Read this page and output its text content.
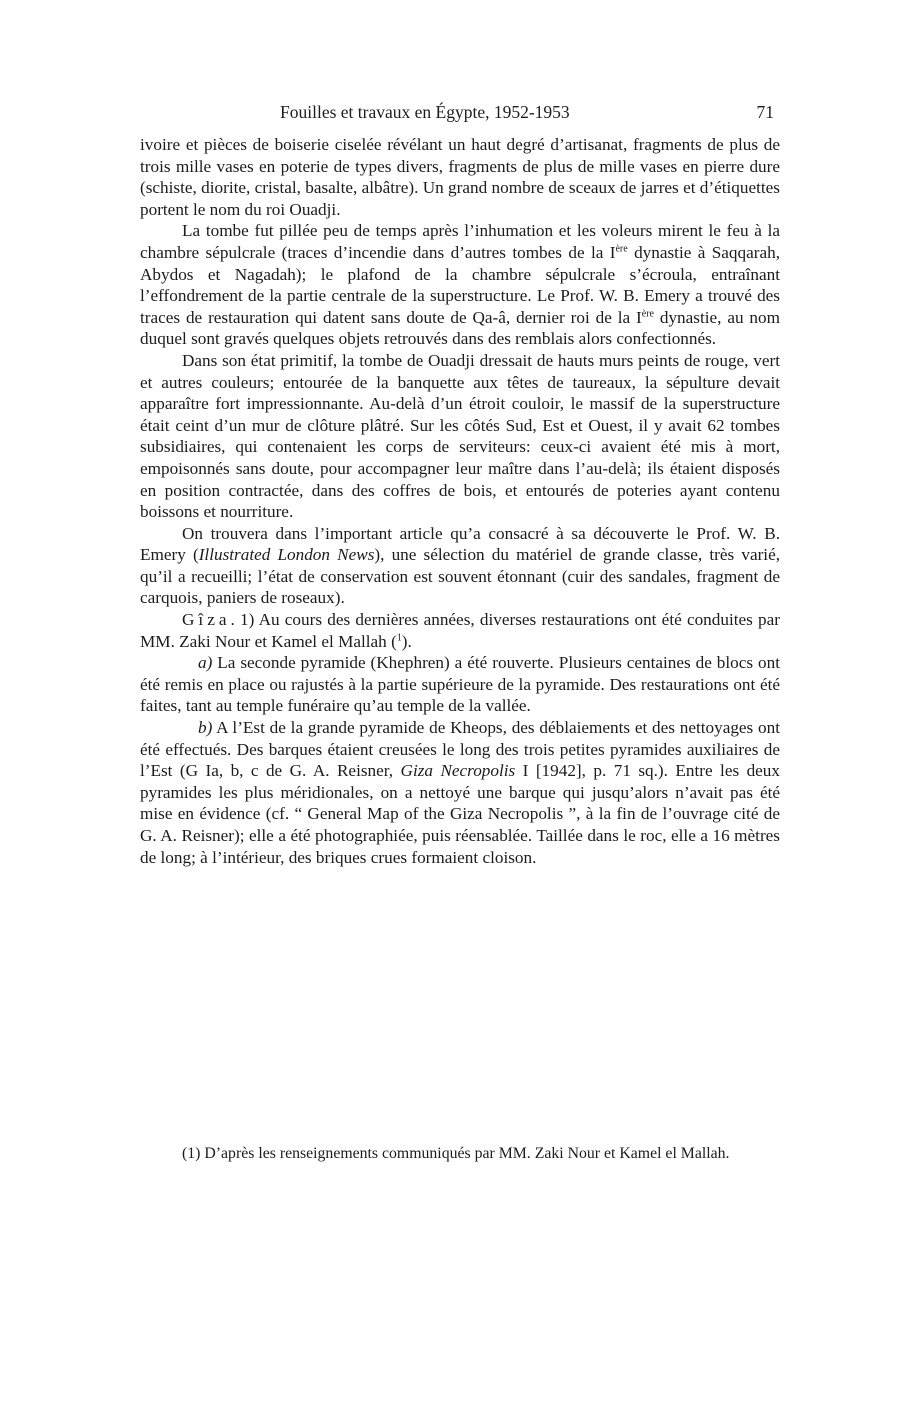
Fouilles et travaux en Égypte, 1952-1953	71

ivoire et pièces de boiserie ciselée révélant un haut degré d’artisanat, fragments de plus de trois mille vases en poterie de types divers, fragments de plus de mille vases en pierre dure (schiste, diorite, cristal, basalte, albâtre). Un grand nombre de sceaux de jarres et d’étiquettes portent le nom du roi Ouadji.

La tombe fut pillée peu de temps après l’inhumation et les voleurs mirent le feu à la chambre sépulcrale (traces d’incendie dans d’autres tombes de la Ière dynastie à Saqqarah, Abydos et Nagadah); le plafond de la chambre sépulcrale s’écroula, entraînant l’effondrement de la partie centrale de la superstructure. Le Prof. W. B. Emery a trouvé des traces de restauration qui datent sans doute de Qa-â, dernier roi de la Ière dynastie, au nom duquel sont gravés quelques objets retrouvés dans des remblais alors confectionnés.

Dans son état primitif, la tombe de Ouadji dressait de hauts murs peints de rouge, vert et autres couleurs; entourée de la banquette aux têtes de taureaux, la sépulture devait apparaître fort impressionnante. Au-delà d’un étroit couloir, le massif de la superstructure était ceint d’un mur de clôture plâtré. Sur les côtés Sud, Est et Ouest, il y avait 62 tombes subsidiaires, qui contenaient les corps de serviteurs: ceux-ci avaient été mis à mort, empoisonnés sans doute, pour accompagner leur maître dans l’au-delà; ils étaient disposés en position contractée, dans des coffres de bois, et entourés de poteries ayant contenu boissons et nourriture.

On trouvera dans l’important article qu’a consacré à sa découverte le Prof. W. B. Emery (Illustrated London News), une sélection du matériel de grande classe, très varié, qu’il a recueilli; l’état de conservation est souvent étonnant (cuir des sandales, fragment de carquois, paniers de roseaux).

Gîza. 1) Au cours des dernières années, diverses restaurations ont été conduites par MM. Zaki Nour et Kamel el Mallah ($^1$).

a) La seconde pyramide (Khephren) a été rouverte. Plusieurs centaines de blocs ont été remis en place ou rajustés à la partie supérieure de la pyramide. Des restaurations ont été faites, tant au temple funéraire qu’au temple de la vallée.

b) A l’Est de la grande pyramide de Kheops, des déblaiements et des nettoyages ont été effectués. Des barques étaient creusées le long des trois petites pyramides auxiliaires de l’Est (G Ia, b, c de G. A. Reisner, Giza Necropolis I [1942], p. 71 sq.). Entre les deux pyramides les plus méridionales, on a nettoyé une barque qui jusqu’alors n’avait pas été mise en évidence (cf. “ General Map of the Giza Necropolis ”, à la fin de l’ouvrage cité de G. A. Reisner); elle a été photographiée, puis réensablée. Taillée dans le roc, elle a 16 mètres de long; à l’intérieur, des briques crues formaient cloison.

(1) D’après les renseignements communiqués par MM. Zaki Nour et Kamel el Mallah.
